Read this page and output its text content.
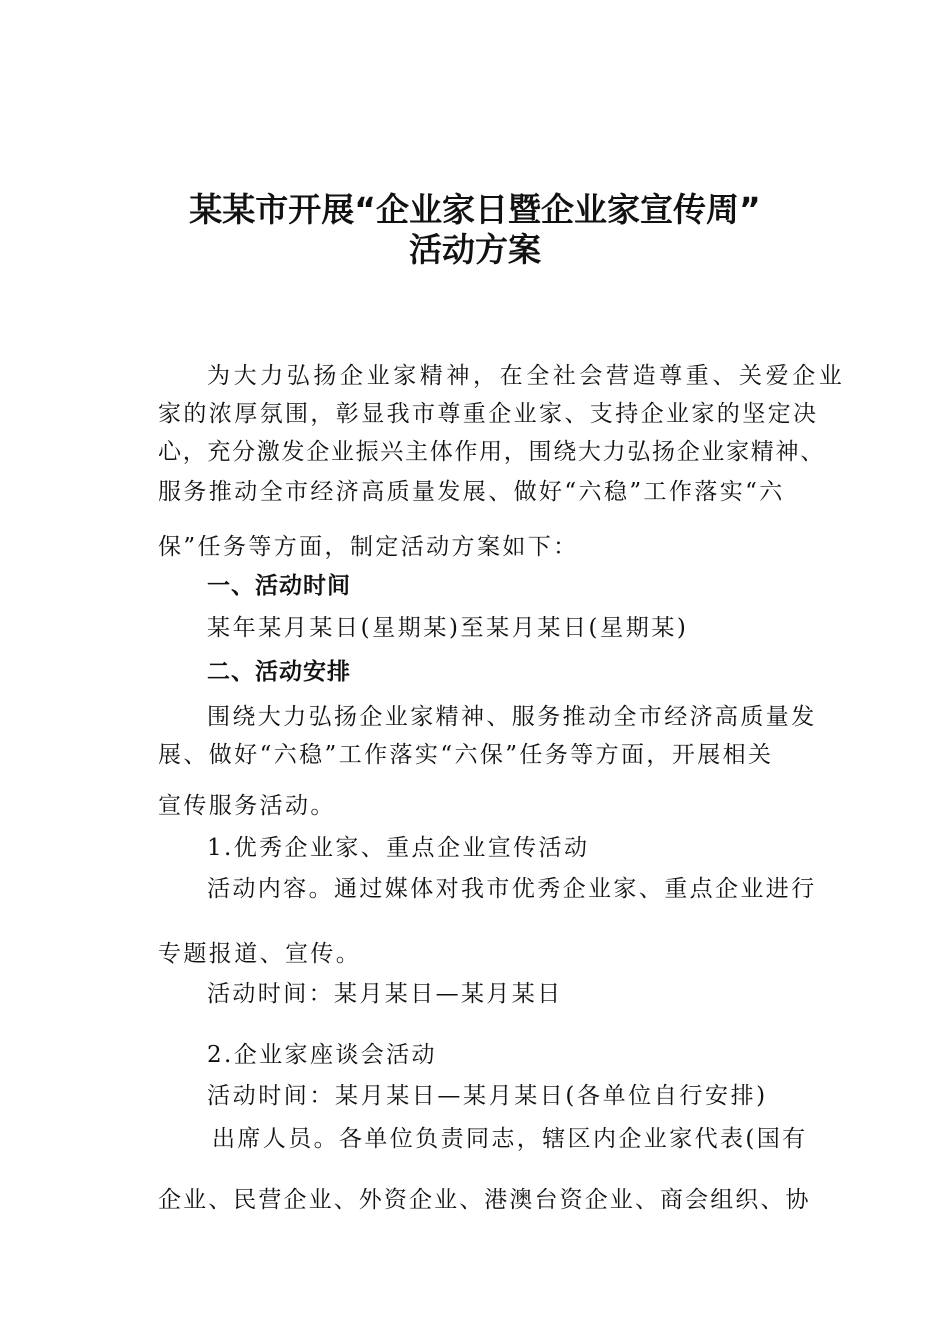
某某市开展“企业家日暨企业家宣传周”
活动方案
为大力弘扬企业家精神，在全社会营造尊重、关爱企业
家的浓厚氛围，彰显我市尊重企业家、支持企业家的坚定决
心，充分激发企业振兴主体作用，围绕大力弘扬企业家精神、
服务推动全市经济高质量发展、做好“六稳”工作落实“六
保”任务等方面，制定活动方案如下：
一、活动时间
某年某月某日(星期某)至某月某日(星期某)
二、活动安排
围绕大力弘扬企业家精神、服务推动全市经济高质量发
展、做好“六稳”工作落实“六保”任务等方面，开展相关
宣传服务活动。
1.优秀企业家、重点企业宣传活动
活动内容。通过媒体对我市优秀企业家、重点企业进行
专题报道、宣传。
活动时间：某月某日—某月某日
2.企业家座谈会活动
活动时间：某月某日—某月某日(各单位自行安排)
出席人员。各单位负责同志，辖区内企业家代表(国有
企业、民营企业、外资企业、港澳台资企业、商会组织、协
